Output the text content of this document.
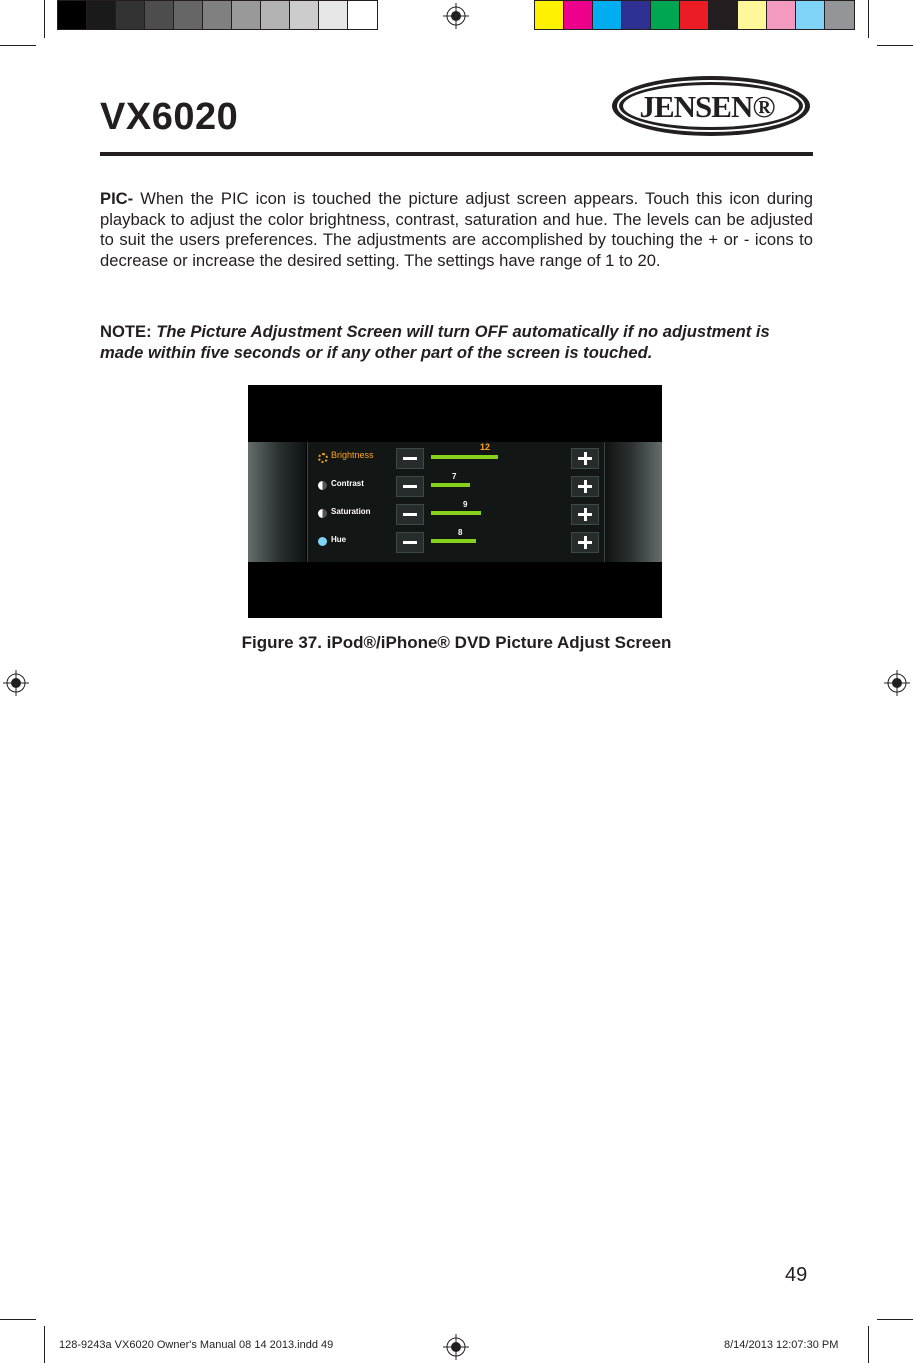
VX6020	JENSEN®
PIC- When the PIC icon is touched the picture adjust screen appears. Touch this icon during playback to adjust the color brightness, contrast, saturation and hue. The levels can be adjusted to suit the users preferences. The adjustments are accomplished by touching the + or - icons to decrease or increase the desired setting. The settings have range of 1 to 20.
NOTE: The Picture Adjustment Screen will turn OFF automatically if no adjustment is made within five seconds or if any other part of the screen is touched.
Brightness
12
Contrast
7
Saturation
9
Hue
8
Figure 37. iPod®/iPhone® DVD Picture Adjust Screen
49
128-9243a VX6020 Owner's Manual 08 14 2013.indd 49	8/14/2013 12:07:30 PM
